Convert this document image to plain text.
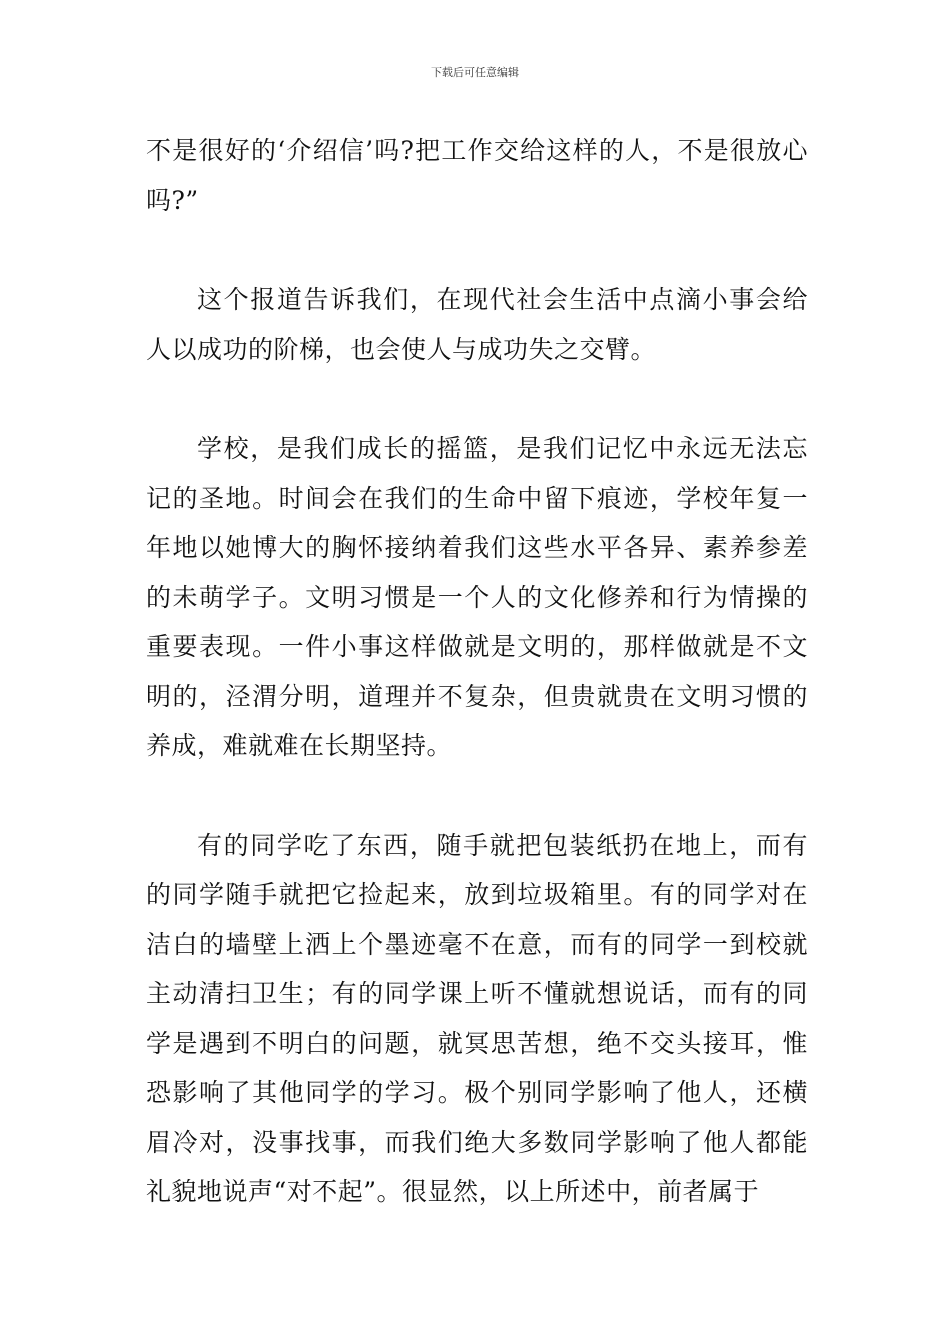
下载后可任意编辑

不是很好的‘介绍信’吗?把工作交给这样的人，不是很放心吗?”

这个报道告诉我们，在现代社会生活中点滴小事会给人以成功的阶梯，也会使人与成功失之交臂。

学校，是我们成长的摇篮，是我们记忆中永远无法忘记的圣地。时间会在我们的生命中留下痕迹，学校年复一年地以她博大的胸怀接纳着我们这些水平各异、素养参差的未萌学子。文明习惯是一个人的文化修养和行为情操的重要表现。一件小事这样做就是文明的，那样做就是不文明的，泾渭分明，道理并不复杂，但贵就贵在文明习惯的养成，难就难在长期坚持。

有的同学吃了东西，随手就把包装纸扔在地上，而有的同学随手就把它捡起来，放到垃圾箱里。有的同学对在洁白的墙壁上洒上个墨迹毫不在意，而有的同学一到校就主动清扫卫生；有的同学课上听不懂就想说话，而有的同学是遇到不明白的问题，就冥思苦想，绝不交头接耳，惟恐影响了其他同学的学习。极个别同学影响了他人，还横眉冷对，没事找事，而我们绝大多数同学影响了他人都能礼貌地说声“对不起”。很显然，以上所述中，前者属于
